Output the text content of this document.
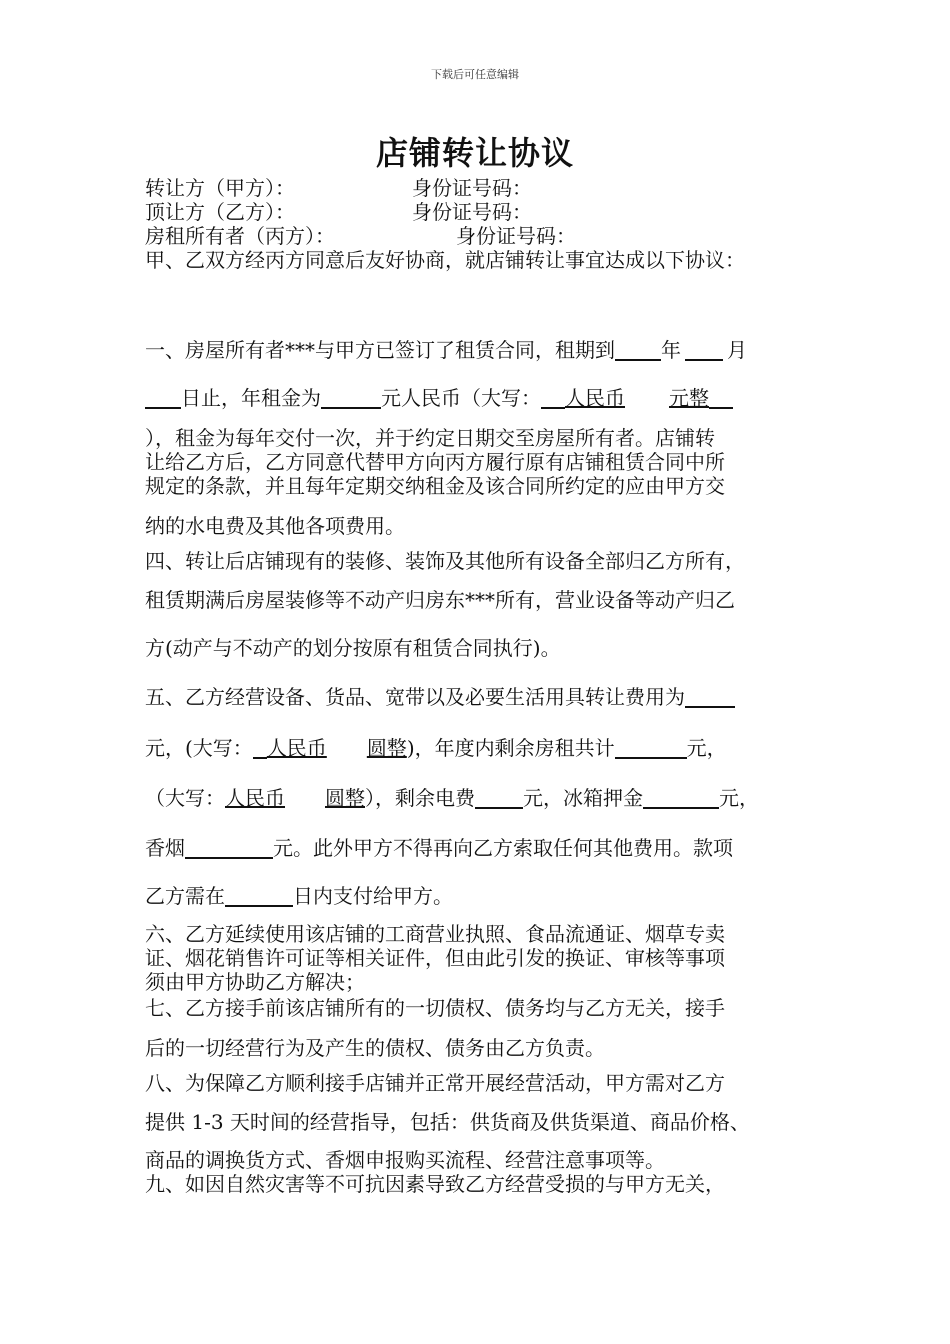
下载后可任意编辑
店铺转让协议
转让方（甲方）：	身份证号码：
顶让方（乙方）：	身份证号码：
房租所有者（丙方）：	身份证号码：
甲、乙双方经丙方同意后友好协商，就店铺转让事宜达成以下协议：
一、房屋所有者***与甲方已签订了租赁合同，租期到 年 月
日止，年租金为	元人民币（大写： 人民币 元整
），租金为每年交付一次，并于约定日期交至房屋所有者。店铺转
让给乙方后，乙方同意代替甲方向丙方履行原有店铺租赁合同中所
规定的条款，并且每年定期交纳租金及该合同所约定的应由甲方交
纳的水电费及其他各项费用。
四、转让后店铺现有的装修、装饰及其他所有设备全部归乙方所有，
租赁期满后房屋装修等不动产归房东***所有，营业设备等动产归乙
方(动产与不动产的划分按原有租赁合同执行)。
五、乙方经营设备、货品、宽带以及必要生活用具转让费用为
元，(大写： 人民币 圆整)，年度内剩余房租共计	元，
（大写：人民币 圆整），剩余电费 元，冰箱押金	元，
香烟	元。此外甲方不得再向乙方索取任何其他费用。款项
乙方需在	日内支付给甲方。
六、乙方延续使用该店铺的工商营业执照、食品流通证、烟草专卖
证、烟花销售许可证等相关证件，但由此引发的换证、审核等事项
须由甲方协助乙方解决；
七、乙方接手前该店铺所有的一切债权、债务均与乙方无关，接手
后的一切经营行为及产生的债权、债务由乙方负责。
八、为保障乙方顺利接手店铺并正常开展经营活动，甲方需对乙方
提供 1-3 天时间的经营指导，包括：供货商及供货渠道、商品价格、
商品的调换货方式、香烟申报购买流程、经营注意事项等。
九、如因自然灾害等不可抗因素导致乙方经营受损的与甲方无关，
